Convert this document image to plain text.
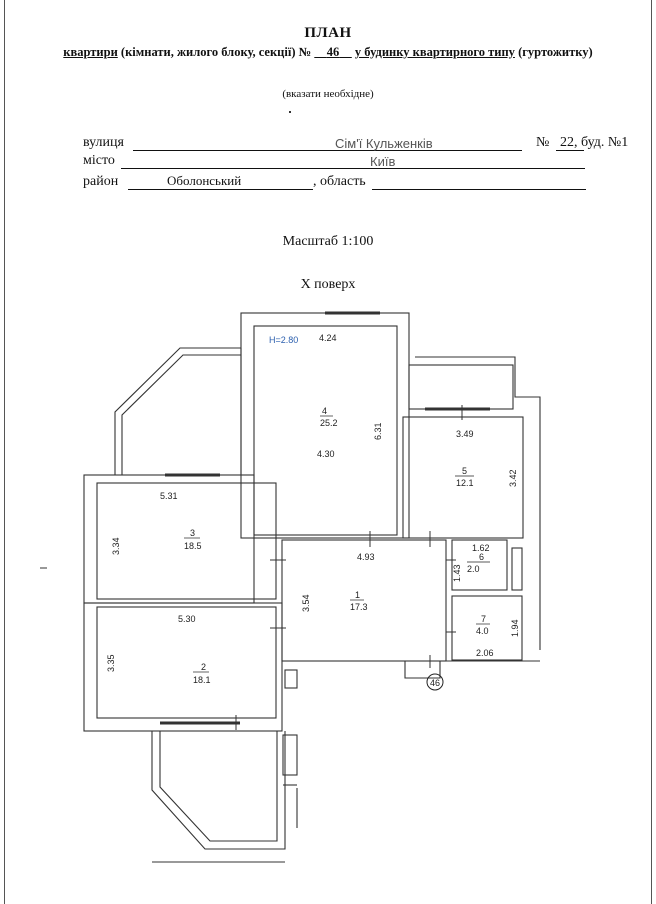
ПЛАН
квартири (кімнати, жилого блоку, секції) № 46 у будинку квартирного типу (гуртожитку)
(вказати необхідне)
вулиця	Сім'ї Кульженків	№ 22, буд. №1
місто	Київ
район	Оболонський	, область
Масштаб 1:100
X поверх
46
H=2.80 4.24
4
25.2
4.30
6.31	3.49
5
12.1	3.42
5.31
3
18.5
3.34
4.93
1
17.3
3.54
1.62
6
2.0
1.43
7
4.0 1.94
2.06
5.30
2
18.1
3.35
